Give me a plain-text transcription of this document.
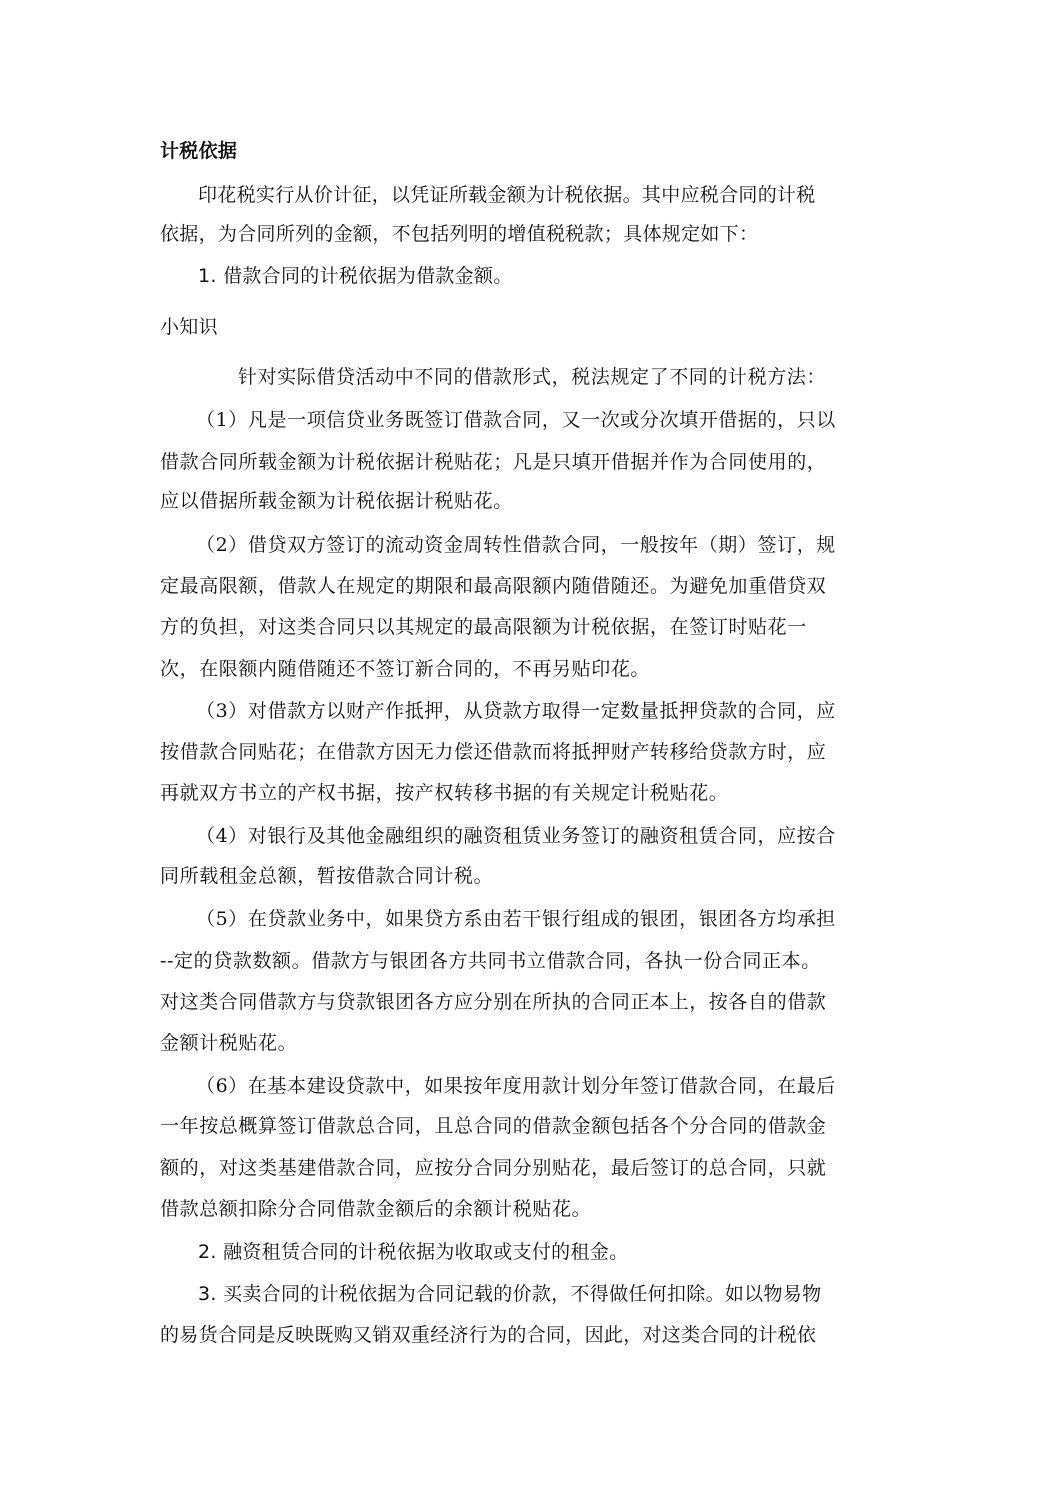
计税依据
印花税实行从价计征，以凭证所载金额为计税依据。其中应税合同的计税
依据，为合同所列的金额，不包括列明的增值税税款；具体规定如下：
1. 借款合同的计税依据为借款金额。
小知识
针对实际借贷活动中不同的借款形式，税法规定了不同的计税方法：
（1）凡是一项信贷业务既签订借款合同，又一次或分次填开借据的，只以
借款合同所载金额为计税依据计税贴花；凡是只填开借据并作为合同使用的，
应以借据所载金额为计税依据计税贴花。
（2）借贷双方签订的流动资金周转性借款合同，一般按年（期）签订，规
定最高限额，借款人在规定的期限和最高限额内随借随还。为避免加重借贷双
方的负担，对这类合同只以其规定的最高限额为计税依据，在签订时贴花一
次，在限额内随借随还不签订新合同的，不再另贴印花。
（3）对借款方以财产作抵押，从贷款方取得一定数量抵押贷款的合同，应
按借款合同贴花；在借款方因无力偿还借款而将抵押财产转移给贷款方时，应
再就双方书立的产权书据，按产权转移书据的有关规定计税贴花。
（4）对银行及其他金融组织的融资租赁业务签订的融资租赁合同，应按合
同所载租金总额，暂按借款合同计税。
（5）在贷款业务中，如果贷方系由若干银行组成的银团，银团各方均承担
--定的贷款数额。借款方与银团各方共同书立借款合同，各执一份合同正本。
对这类合同借款方与贷款银团各方应分别在所执的合同正本上，按各自的借款
金额计税贴花。
（6）在基本建设贷款中，如果按年度用款计划分年签订借款合同，在最后
一年按总概算签订借款总合同，且总合同的借款金额包括各个分合同的借款金
额的，对这类基建借款合同，应按分合同分别贴花，最后签订的总合同，只就
借款总额扣除分合同借款金额后的余额计税贴花。
2. 融资租赁合同的计税依据为收取或支付的租金。
3. 买卖合同的计税依据为合同记载的价款，不得做任何扣除。如以物易物
的易货合同是反映既购又销双重经济行为的合同，因此，对这类合同的计税依
